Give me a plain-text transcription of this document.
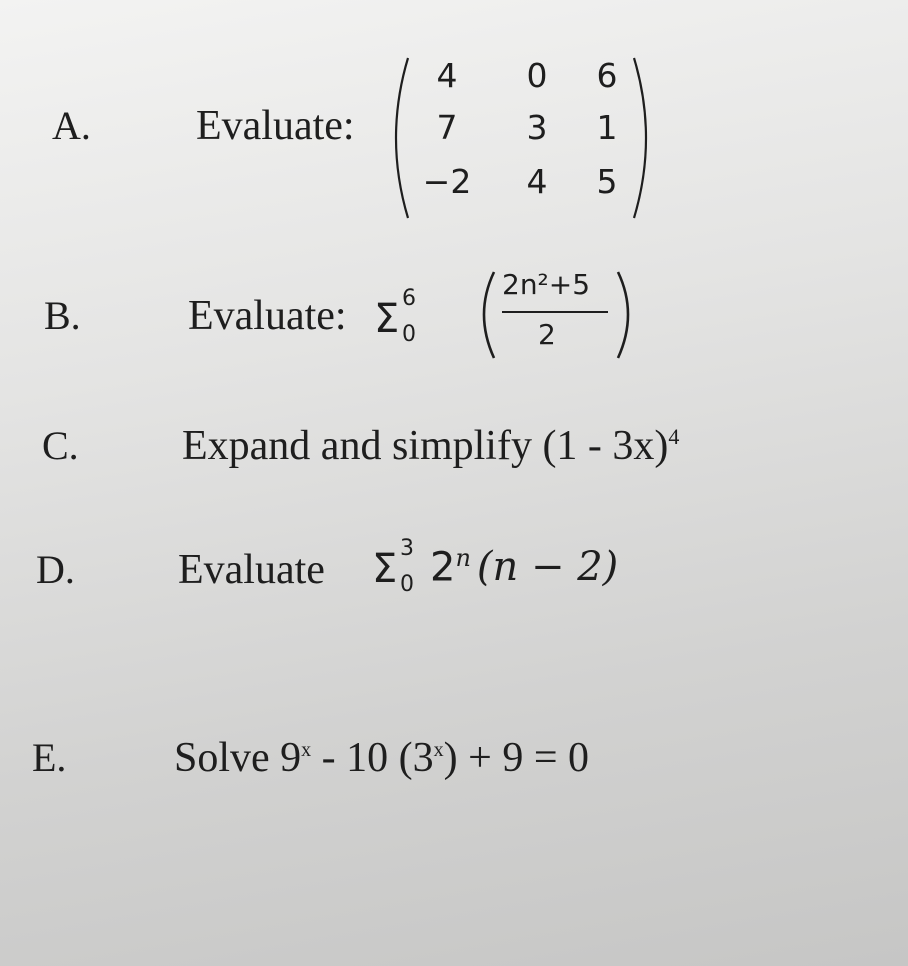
A.	Evaluate:
4	0	6
7	3	1
−2	4	5
B.	Evaluate: Σ 6
0
2n²+5
2
C. Expand and simplify (1 - 3x)$^4$
D. Evaluate Σ 3
0 2$^n$ (n − 2)
E.	Solve 9$^x$ - 10 $(3^x) + 9 = 0$
